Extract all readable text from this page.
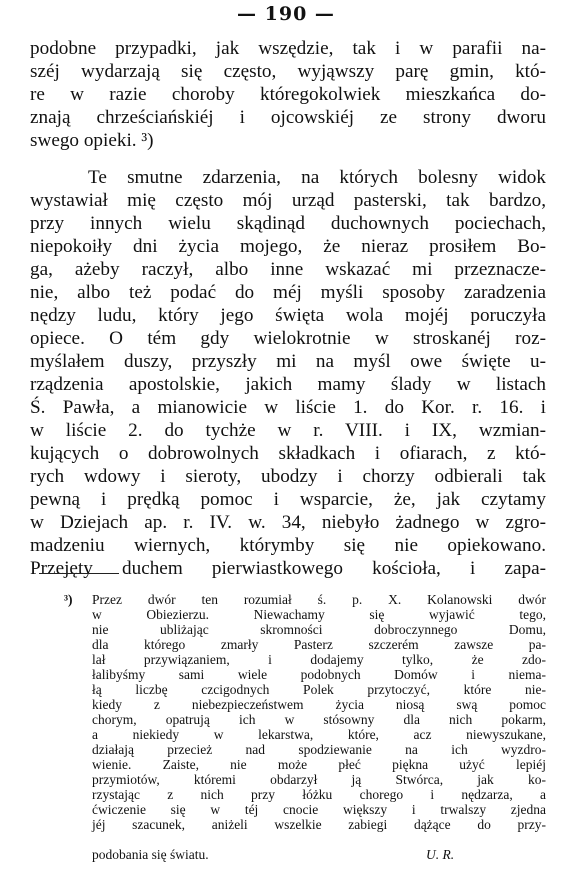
— 190 —
podobne przypadki, jak wszędzie, tak i w parafii na-
széj wydarzają się często, wyjąwszy parę gmin, któ-
re w razie choroby któregokolwiek mieszkańca do-
znają chrześciańskiéj i ojcowskiéj ze strony dworu
swego opieki. ³)
Te smutne zdarzenia, na których bolesny widok
wystawiał mię często mój urząd pasterski, tak bardzo,
przy innych wielu skądinąd duchownych pociechach,
niepokoiły dni życia mojego, że nieraz prosiłem Bo-
ga, ażeby raczył, albo inne wskazać mi przeznacze-
nie, albo też podać do méj myśli sposoby zaradzenia
nędzy ludu, który jego święta wola mojéj poruczyła
opiece. O tém gdy wielokrotnie w stroskanéj roz-
myślałem duszy, przyszły mi na myśl owe święte u-
rządzenia apostolskie, jakich mamy ślady w listach
Ś. Pawła, a mianowicie w liście 1. do Kor. r. 16. i
w liście 2. do tychże w r. VIII. i IX, wzmian-
kujących o dobrowolnych składkach i ofiarach, z któ-
rych wdowy i sieroty, ubodzy i chorzy odbierali tak
pewną i prędką pomoc i wsparcie, że, jak czytamy
w Dziejach ap. r. IV. w. 34, niebyło żadnego w zgro-
madzeniu wiernych, którymby się nie opiekowano.
Przejęty duchem pierwiastkowego kościoła, i zapa-
³) Przez dwór ten rozumiał ś. p. X. Kolanowski dwór
w Obiezierzu. Niewachamy się wyjawić tego,
nie ubliżając skromności dobroczynnego Domu,
dla którego zmarły Pasterz szczerém zawsze pa-
lał przywiązaniem, i dodajemy tylko, że zdo-
łalibyśmy sami wiele podobnych Domów i niema-
łą liczbę czcigodnych Polek przytoczyć, które nie-
kiedy z niebezpieczeństwem życia niosą swą pomoc
chorym, opatrują ich w stósowny dla nich pokarm,
a niekiedy w lekarstwa, które, acz niewyszukane,
działają przecież nad spodziewanie na ich wyzdro-
wienie. Zaiste, nie może płeć piękna użyć lepiéj
przymiotów, któremi obdarzył ją Stwórca, jak ko-
rzystając z nich przy łóżku chorego i nędzarza, a
ćwiczenie się w téj cnocie większy i trwalszy zjedna
jéj szacunek, aniżeli wszelkie zabiegi dążące do przy-
podobania się światu.	U. R.
